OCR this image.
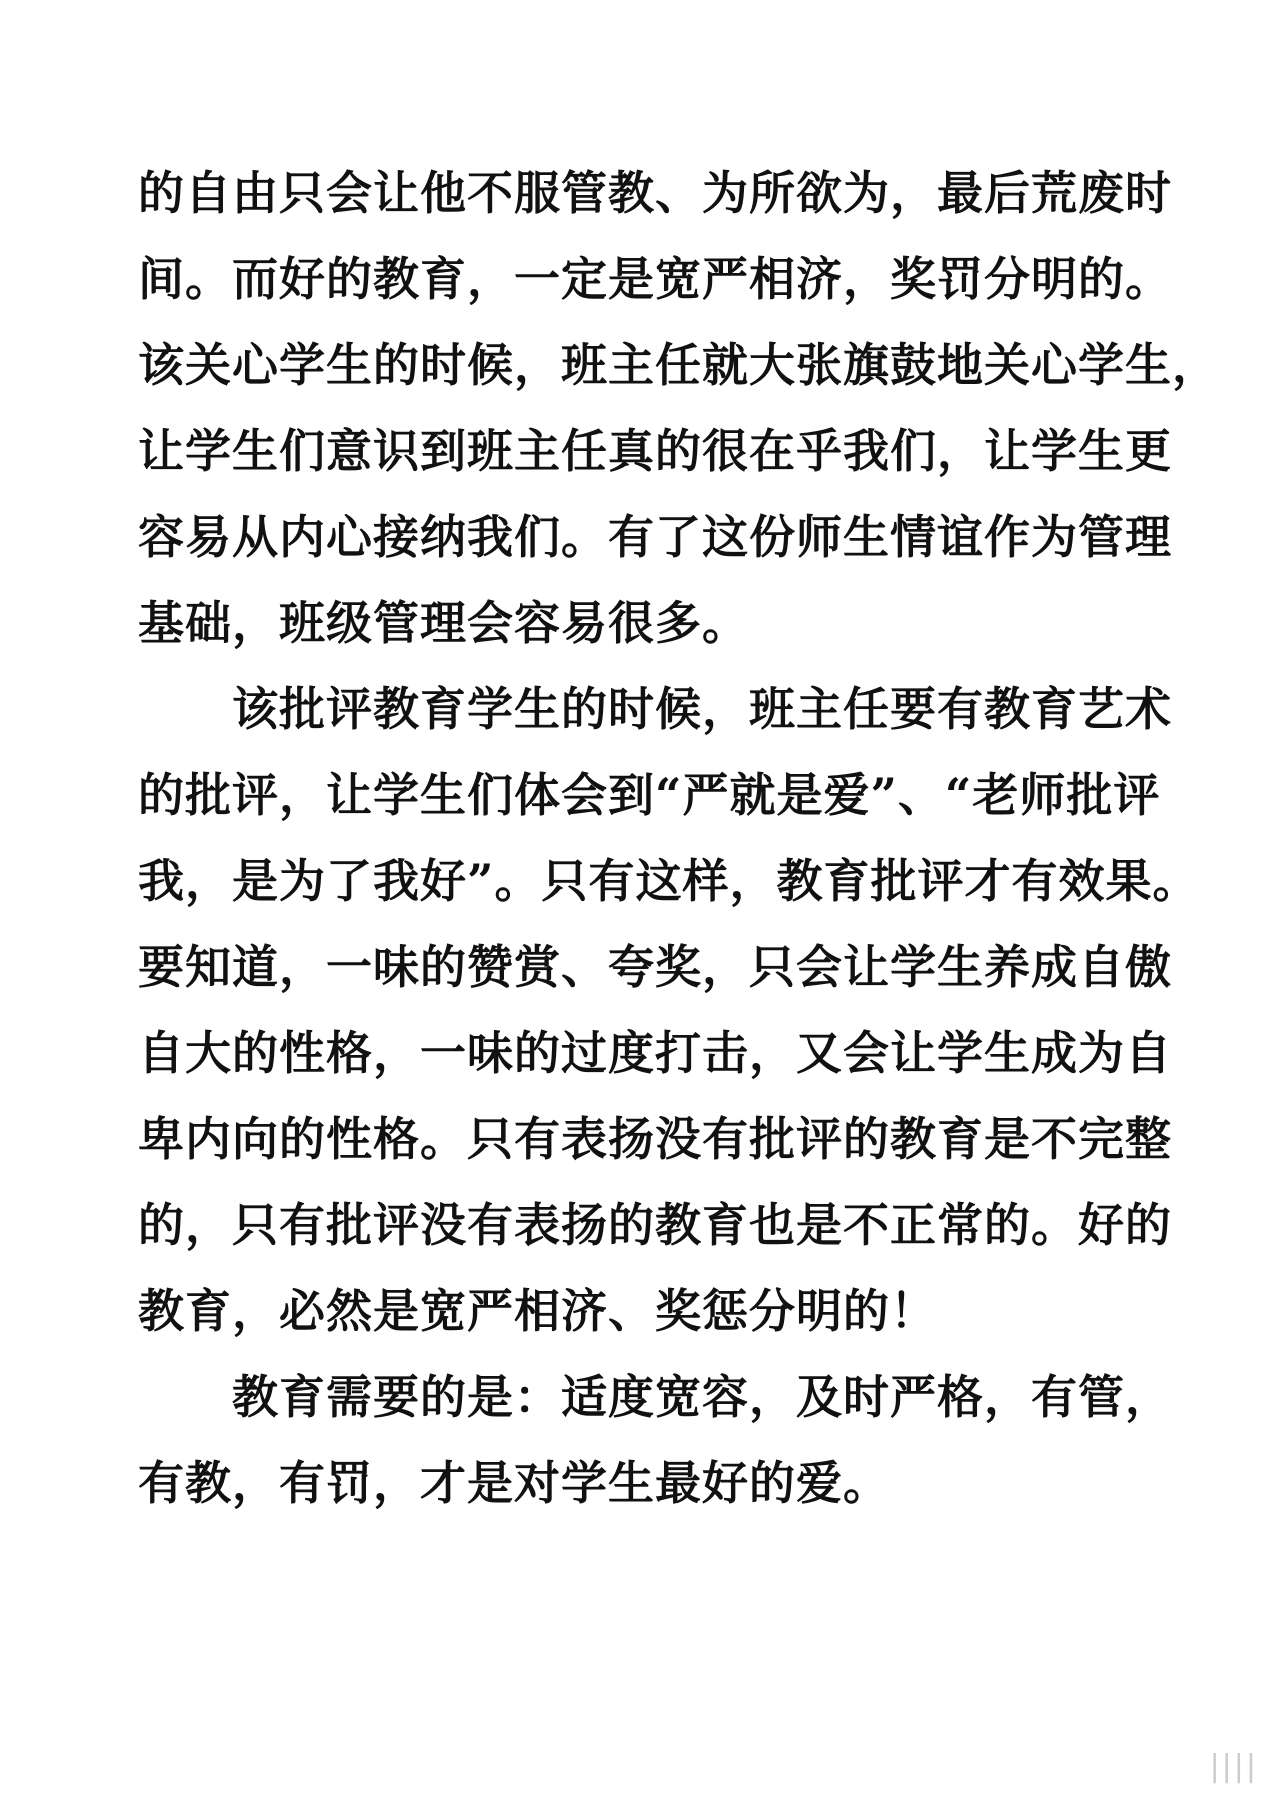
的自由只会让他不服管教、为所欲为，最后荒废时
间。而好的教育，一定是宽严相济，奖罚分明的。
该关心学生的时候，班主任就大张旗鼓地关心学生，
让学生们意识到班主任真的很在乎我们，让学生更
容易从内心接纳我们。有了这份师生情谊作为管理
基础，班级管理会容易很多。
该批评教育学生的时候，班主任要有教育艺术
的批评，让学生们体会到“严就是爱”、“老师批评
我，是为了我好”。只有这样，教育批评才有效果。
要知道，一味的赞赏、夸奖，只会让学生养成自傲
自大的性格，一味的过度打击，又会让学生成为自
卑内向的性格。只有表扬没有批评的教育是不完整
的，只有批评没有表扬的教育也是不正常的。好的
教育，必然是宽严相济、奖惩分明的！
教育需要的是：适度宽容，及时严格，有管，
有教，有罚，才是对学生最好的爱。
||||
